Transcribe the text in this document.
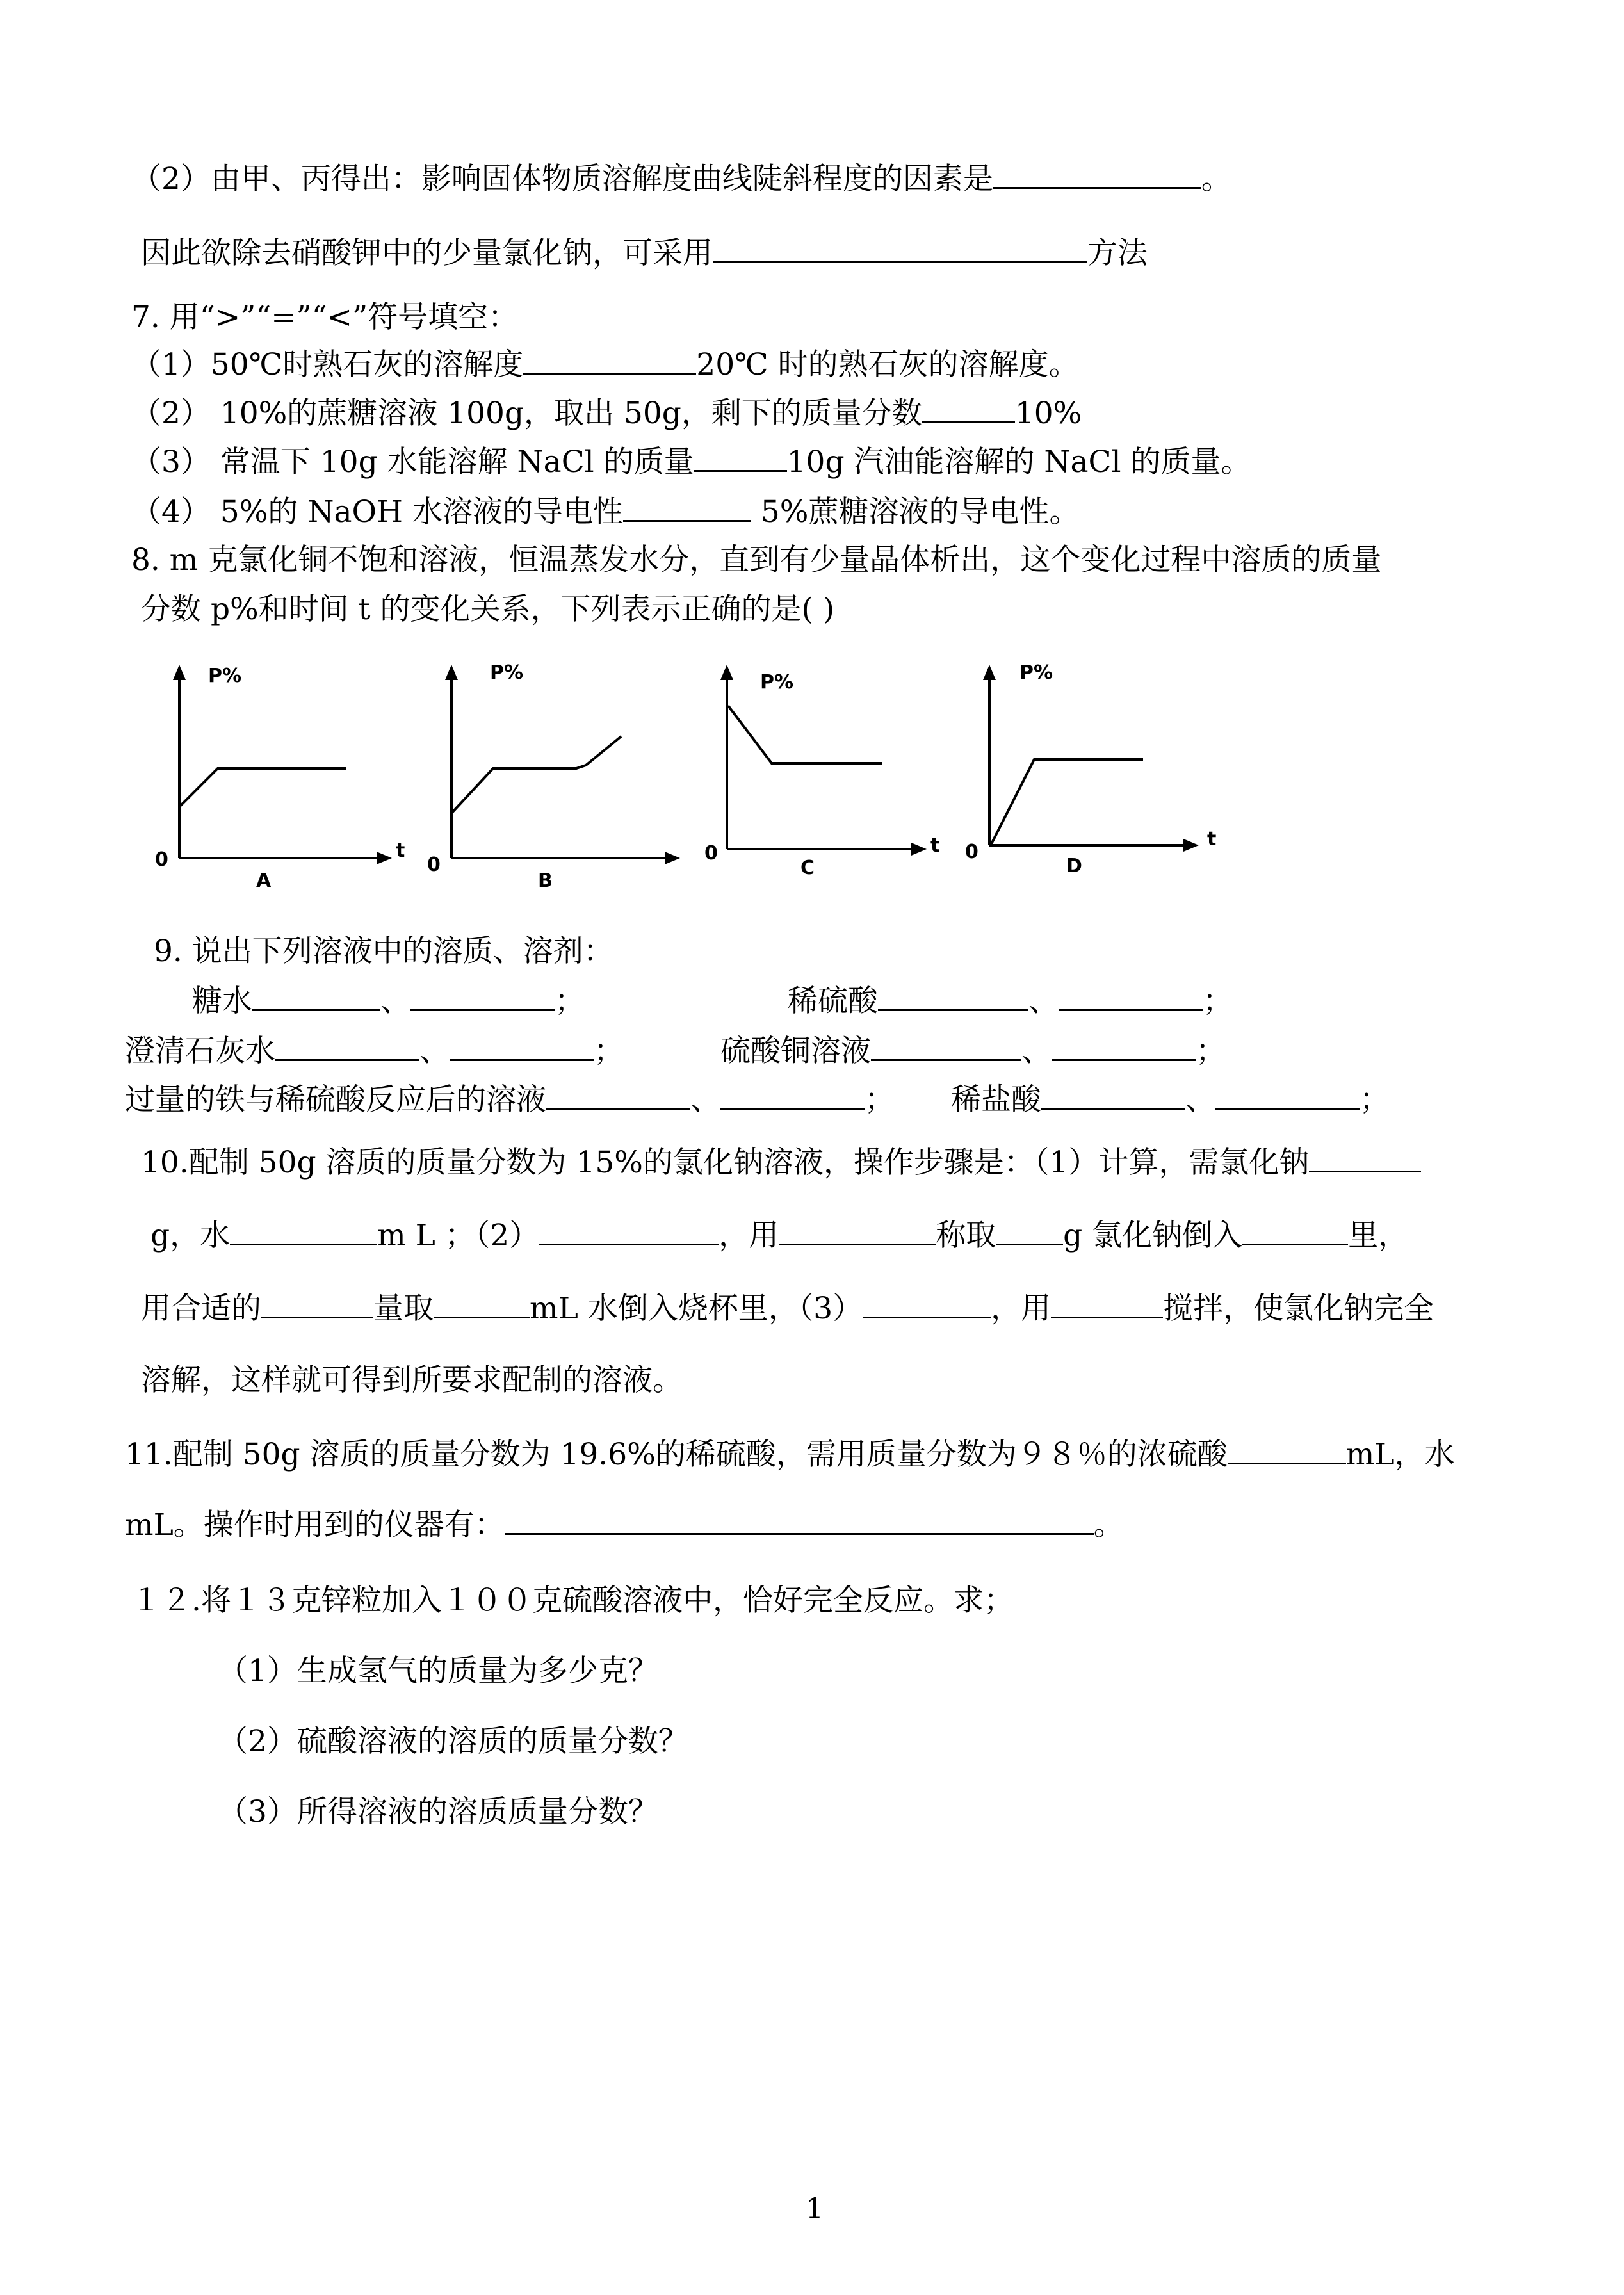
（2）由甲、丙得出：影响固体物质溶解度曲线陡斜程度的因素是	。
因此欲除去硝酸钾中的少量氯化钠，可采用	方法
7. 用“>”“=”“<”符号填空：
（1）50℃时熟石灰的溶解度	20℃ 时的熟石灰的溶解度。
（2） 10%的蔗糖溶液 100g，取出 50g，剩下的质量分数	10%
（3） 常温下 10g 水能溶解 NaCl 的质量	10g 汽油能溶解的 NaCl 的质量。
（4） 5%的 NaOH 水溶液的导电性	5%蔗糖溶液的导电性。
8. m 克氯化铜不饱和溶液，恒温蒸发水分，直到有少量晶体析出，这个变化过程中溶质的质量
分数 p%和时间 t 的变化关系，下列表示正确的是( )
P%
t
0
A
P%
0
B
P%
t
0
C
P%
t
0
D
9. 说出下列溶液中的溶质、溶剂：
糖水	、	；	稀硫酸	、	；
澄清石灰水	、	；	硫酸铜溶液	、	；
过量的铁与稀硫酸反应后的溶液	、	； 稀盐酸	、	；
10.配制 50g 溶质的质量分数为 15%的氯化钠溶液，操作步骤是：（1）计算，需氯化钠
g，水	m L ；（2）	，用	称取 g 氯化钠倒入	里，
用合适的	量取	mL 水倒入烧杯里，（3）	，用	搅拌，使氯化钠完全
溶解，这样就可得到所要求配制的溶液。
11.配制 50g 溶质的质量分数为 19.6%的稀硫酸，需用质量分数为９８％的浓硫酸	mL，水
mL。操作时用到的仪器有：	。
１２.将１３克锌粒加入１００克硫酸溶液中，恰好完全反应。求；
（1）生成氢气的质量为多少克？
（2）硫酸溶液的溶质的质量分数？
（3）所得溶液的溶质质量分数？
1
